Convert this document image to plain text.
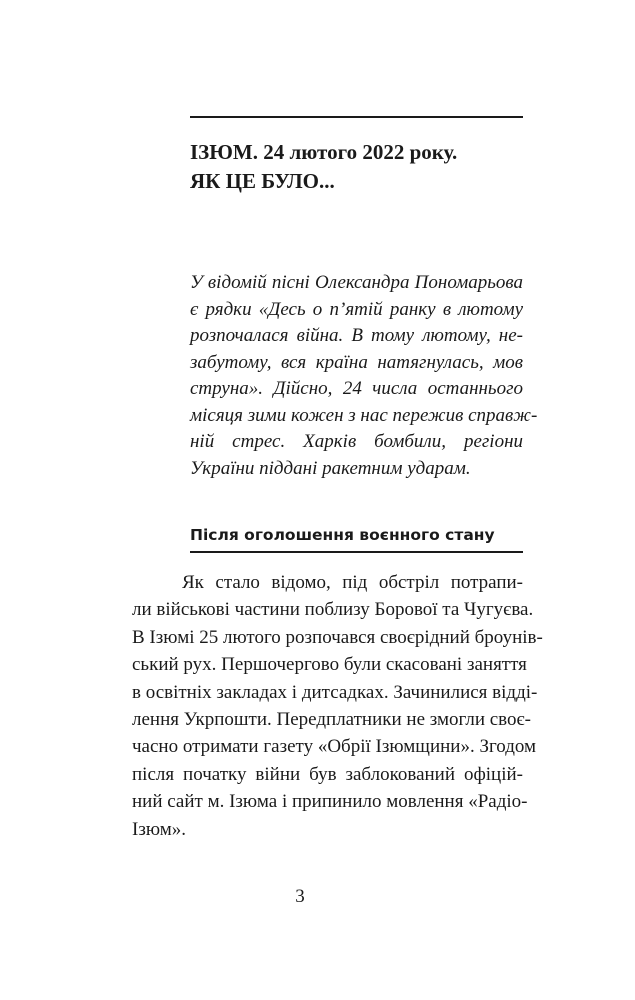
ІЗЮМ. 24 лютого 2022 року.
ЯК ЦЕ БУЛО...
У відомій пісні Олександра Пономарьова
є рядки «Десь о п’ятій ранку в лютому
розпочалася війна. В тому лютому, не-
забутому, вся країна натягнулась, мов
струна». Дійсно, 24 числа останнього
місяця зими кожен з нас пережив справж-
ній стрес. Харків бомбили, регіони
України піддані ракетним ударам.
Після оголошення воєнного стану
Як стало відомо, під обстріл потрапи-
ли військові частини поблизу Борової та Чугуєва.
В Ізюмі 25 лютого розпочався своєрідний броунів-
ський рух. Першочергово були скасовані заняття
в освітніх закладах і дитсадках. Зачинилися відді-
лення Укрпошти. Передплатники не змогли своє-
часно отримати газету «Обрії Ізюмщини». Згодом
після початку війни був заблокований офіцій-
ний сайт м. Ізюма і припинило мовлення «Радіо-
Ізюм».
3
